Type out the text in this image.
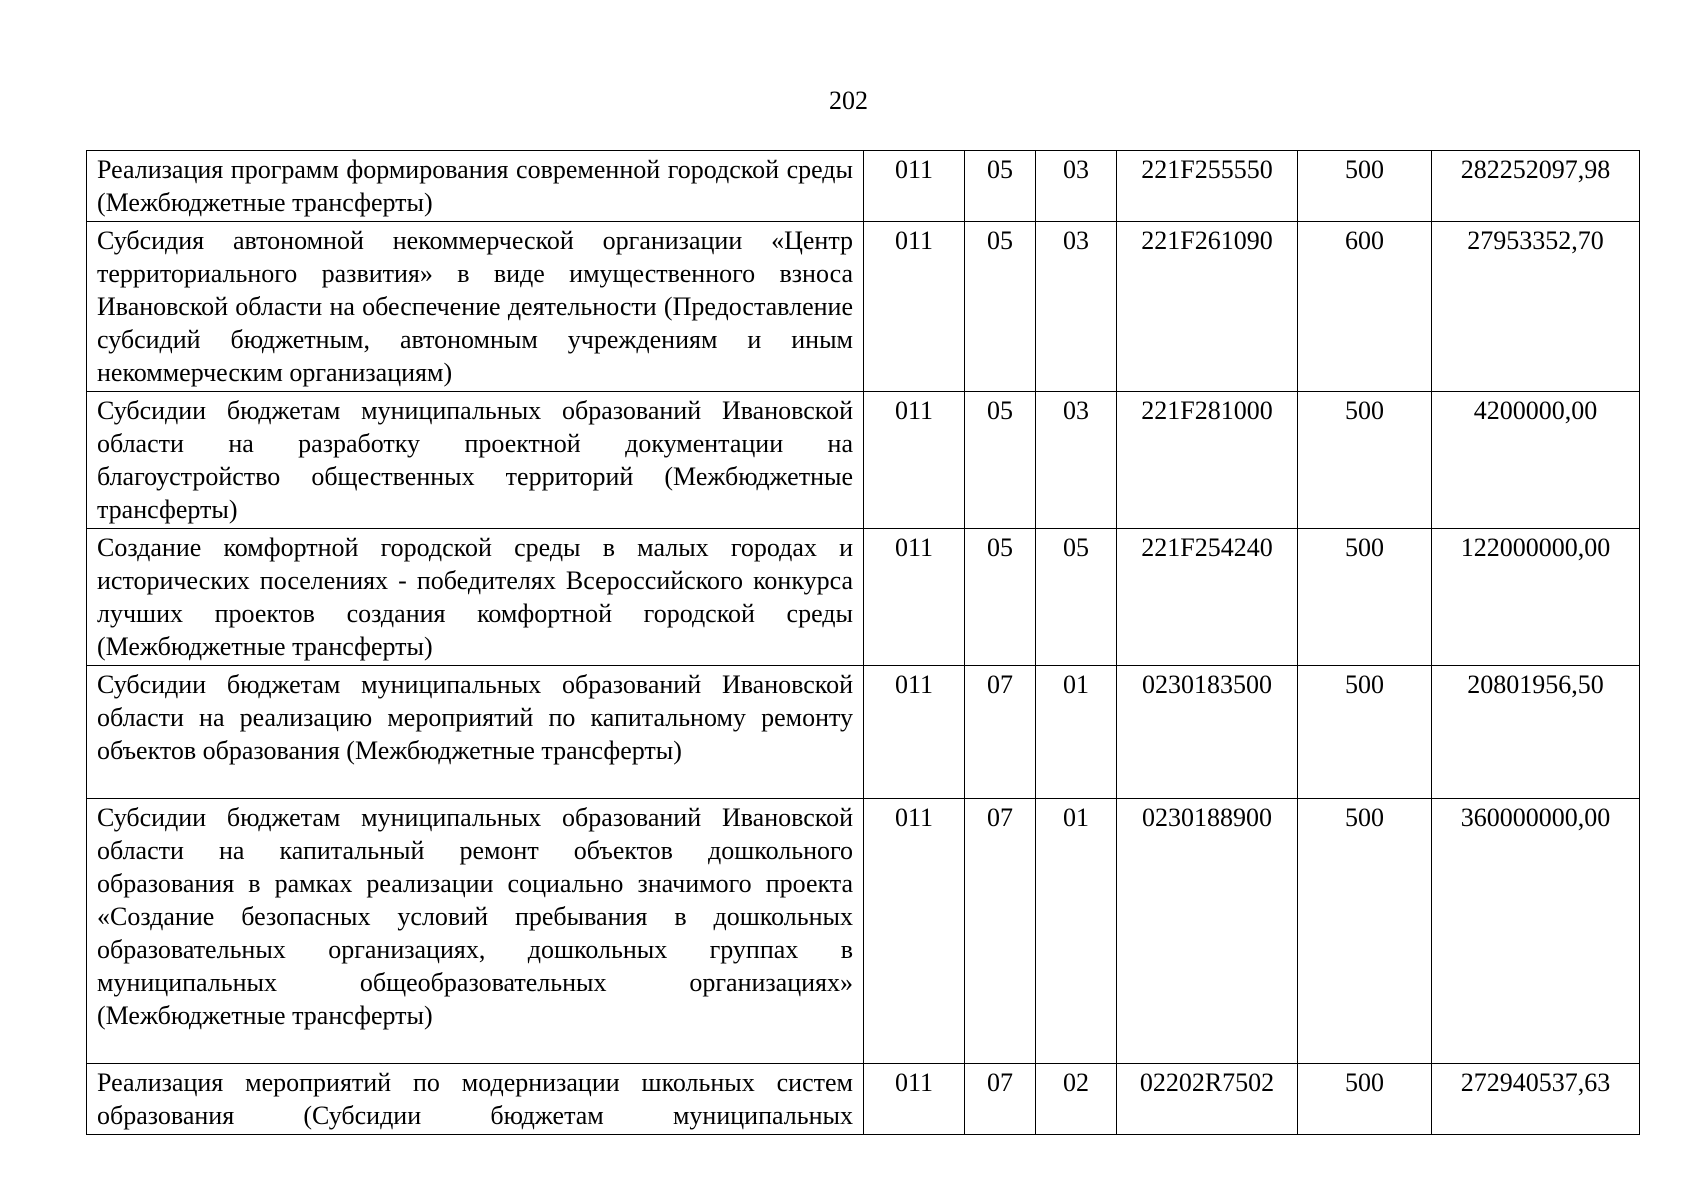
202
Реализация программ формирования современной городской среды (Межбюджетные трансферты)	011	05	03	221F255550	500	282252097,98
Субсидия автономной некоммерческой организации «Центр территориального развития» в виде имущественного взноса Ивановской области на обеспечение деятельности (Предоставление субсидий бюджетным, автономным учреждениям и иным некоммерческим организациям)	011	05	03	221F261090	600	27953352,70
Субсидии бюджетам муниципальных образований Ивановской области на разработку проектной документации на благоустройство общественных территорий (Межбюджетные трансферты)	011	05	03	221F281000	500	4200000,00
Создание комфортной городской среды в малых городах и исторических поселениях - победителях Всероссийского конкурса лучших проектов создания комфортной городской среды (Межбюджетные трансферты)	011	05	05	221F254240	500	122000000,00
Субсидии бюджетам муниципальных образований Ивановской области на реализацию мероприятий по капитальному ремонту объектов образования (Межбюджетные трансферты)	011	07	01	0230183500	500	20801956,50
Субсидии бюджетам муниципальных образований Ивановской области на капитальный ремонт объектов дошкольного образования в рамках реализации социально значимого проекта «Создание безопасных условий пребывания в дошкольных образовательных организациях, дошкольных группах в муниципальных общеобразовательных организациях» (Межбюджетные трансферты)	011	07	01	0230188900	500	360000000,00
Реализация мероприятий по модернизации школьных систем образования (Субсидии бюджетам муниципальных	011	07	02	02202R7502	500	272940537,63
